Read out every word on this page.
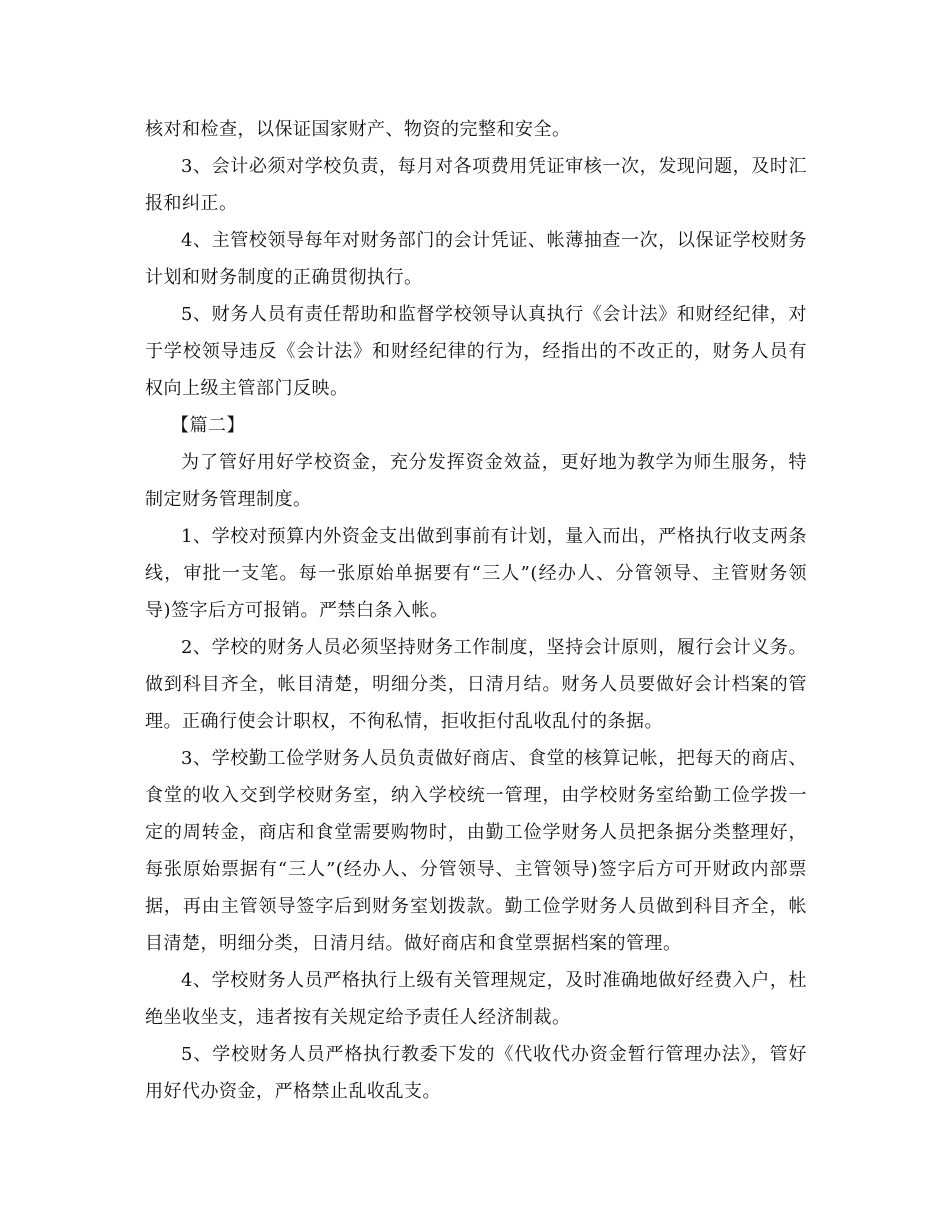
核对和检查，以保证国家财产、物资的完整和安全。

3、会计必须对学校负责，每月对各项费用凭证审核一次，发现问题，及时汇报和纠正。

4、主管校领导每年对财务部门的会计凭证、帐薄抽查一次，以保证学校财务计划和财务制度的正确贯彻执行。

5、财务人员有责任帮助和监督学校领导认真执行《会计法》和财经纪律，对于学校领导违反《会计法》和财经纪律的行为，经指出的不改正的，财务人员有权向上级主管部门反映。

【篇二】

为了管好用好学校资金，充分发挥资金效益，更好地为教学为师生服务，特制定财务管理制度。

1、学校对预算内外资金支出做到事前有计划，量入而出，严格执行收支两条线，审批一支笔。每一张原始单据要有“三人”(经办人、分管领导、主管财务领导)签字后方可报销。严禁白条入帐。

2、学校的财务人员必须坚持财务工作制度，坚持会计原则，履行会计义务。做到科目齐全，帐目清楚，明细分类，日清月结。财务人员要做好会计档案的管理。正确行使会计职权，不徇私情，拒收拒付乱收乱付的条据。

3、学校勤工俭学财务人员负责做好商店、食堂的核算记帐，把每天的商店、食堂的收入交到学校财务室，纳入学校统一管理，由学校财务室给勤工俭学拨一定的周转金，商店和食堂需要购物时，由勤工俭学财务人员把条据分类整理好，每张原始票据有“三人”(经办人、分管领导、主管领导)签字后方可开财政内部票据，再由主管领导签字后到财务室划拨款。勤工俭学财务人员做到科目齐全，帐目清楚，明细分类，日清月结。做好商店和食堂票据档案的管理。

4、学校财务人员严格执行上级有关管理规定，及时准确地做好经费入户，杜绝坐收坐支，违者按有关规定给予责任人经济制裁。

5、学校财务人员严格执行教委下发的《代收代办资金暂行管理办法》，管好用好代办资金，严格禁止乱收乱支。
